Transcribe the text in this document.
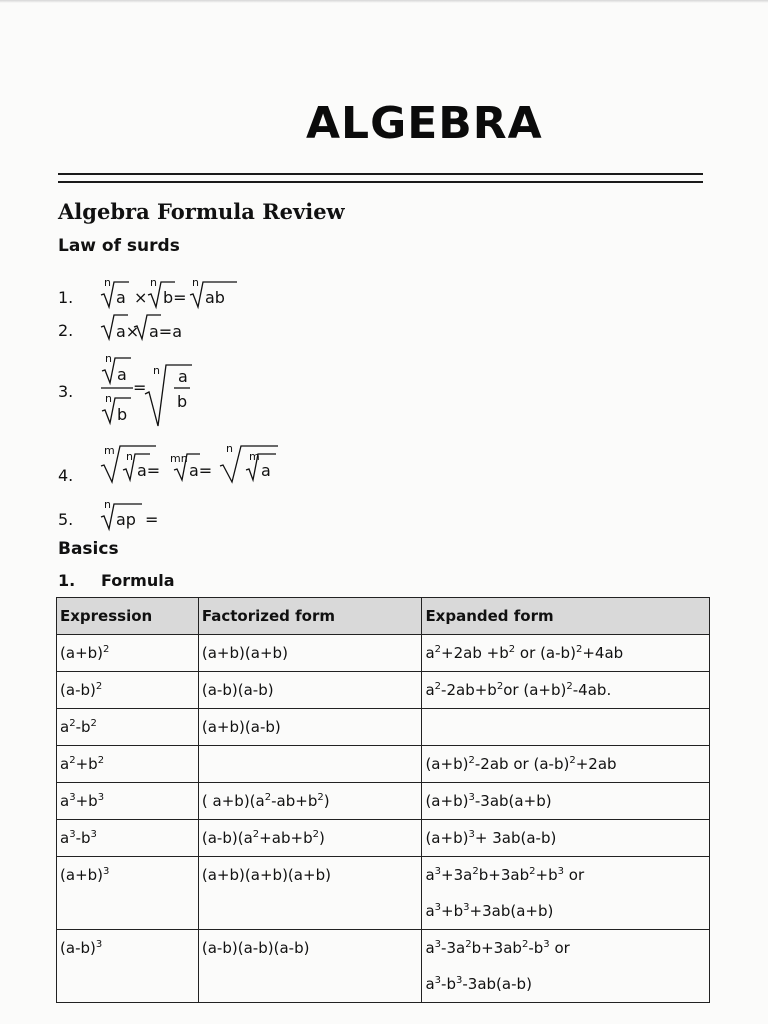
ALGEBRA
Algebra Formula Review
Law of surds
1.
n
a ×
n
b=
n
ab
2.	a× a=a
3.
n
a
=
n
b
n a
b
4.
m n
a=
mn
a=
n
m
a
5.
n
ap =
Basics
1. Formula
Expression	Factorized form	Expanded form

$(a+b)^2$	(a+b)(a+b)	$a^2+2ab +b^2$ or $(a-b)^2+4ab$

$(a-b)^2$	(a-b)(a-b)	$a^2-2ab+b^2or$ $(a+b)^2-4ab$.

$a^2-b^2$	(a+b)(a-b)	

$a^2+b^2$		$(a+b)^2-2ab$ or $(a-b)^2+2ab$

$a^3+b^3$	( $a+b)(a^2-ab+b^2)$	$(a+b)^3-3ab(a+b)$

$a^3-b^3$	$(a-b)(a^2+ab+b^2)$	$(a+b)^3+ 3ab(a-b)$

$(a+b)^3$	(a+b)(a+b)(a+b)	$a^3+3a^2b+3ab^2+b^3$ or
$a^3+b^3+3ab(a+b)$

$(a-b)^3$	(a-b)(a-b)(a-b)	$a^3-3a^2b+3ab^2-b^3$ or
$a^3-b^3-3ab(a-b)$
